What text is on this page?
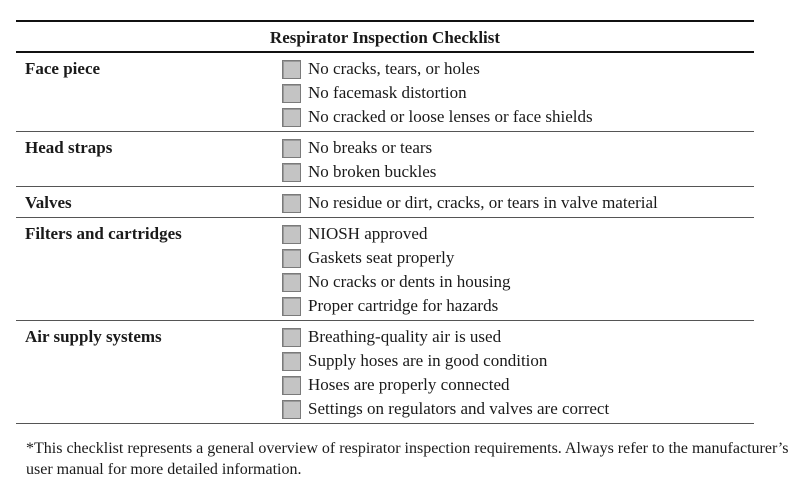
Respirator Inspection Checklist
Face piece	No cracks, tears, or holes
No facemask distortion
No cracked or loose lenses or face shields
Head straps	No breaks or tears
No broken buckles
Valves	No residue or dirt, cracks, or tears in valve material
Filters and cartridges	NIOSH approved
Gaskets seat properly
No cracks or dents in housing
Proper cartridge for hazards
Air supply systems	Breathing-quality air is used
Supply hoses are in good condition
Hoses are properly connected
Settings on regulators and valves are correct
*This checklist represents a general overview of respirator inspection requirements. Always refer to the manufacturer’s user manual for more detailed information.
